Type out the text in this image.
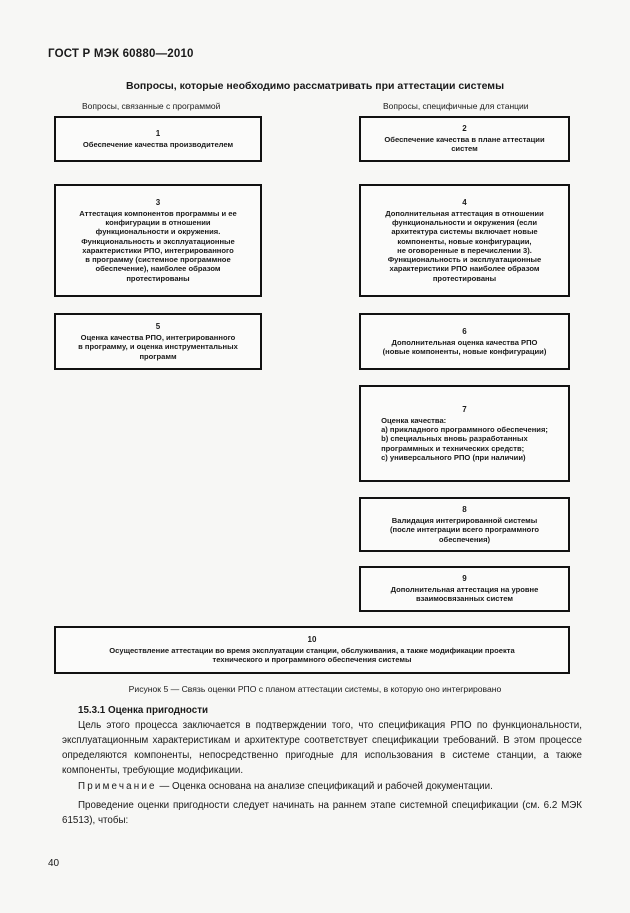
ГОСТ Р МЭК 60880—2010
Вопросы, которые необходимо рассматривать при аттестации системы
Вопросы, связанные с программой	Вопросы, специфичные для станции
1
Обеспечение качества производителем
3
Аттестация компонентов программы и ее
конфигурации в отношении
функциональности и окружения.
Функциональность и эксплуатационные
характеристики РПО, интегрированного
в программу (системное программное
обеспечение), наиболее образом
протестированы
5
Оценка качества РПО, интегрированного
в программу, и оценка инструментальных
программ
2
Обеспечение качества в плане аттестации
систем
4
Дополнительная аттестация в отношении
функциональности и окружения (если
архитектура системы включает новые
компоненты, новые конфигурации,
не оговоренные в перечислении 3).
Функциональность и эксплуатационные
характеристики РПО наиболее образом
протестированы
6
Дополнительная оценка качества РПО
(новые компоненты, новые конфигурации)
7
Оценка качества:
a) прикладного программного обеспечения;
b) специальных вновь разработанных
программных и технических средств;
c) универсального РПО (при наличии)
8
Валидация интегрированной системы
(после интеграции всего программного
обеспечения)
9
Дополнительная аттестация на уровне
взаимосвязанных систем
10
Осуществление аттестации во время эксплуатации станции, обслуживания, а также модификации проекта
технического и программного обеспечения системы
Рисунок 5 — Связь оценки РПО с планом аттестации системы, в которую оно интегрировано
15.3.1 Оценка пригодности

Цель этого процесса заключается в подтверждении того, что спецификация РПО по функциональности, эксплуатационным характеристикам и архитектуре соответствует спецификации требований. В этом процессе определяются компоненты, непосредственно пригодные для использования в системе станции, а также компоненты, требующие модификации.

Примечание — Оценка основана на анализе спецификаций и рабочей документации.

Проведение оценки пригодности следует начинать на раннем этапе системной спецификации (см. 6.2 МЭК 61513), чтобы:

40
